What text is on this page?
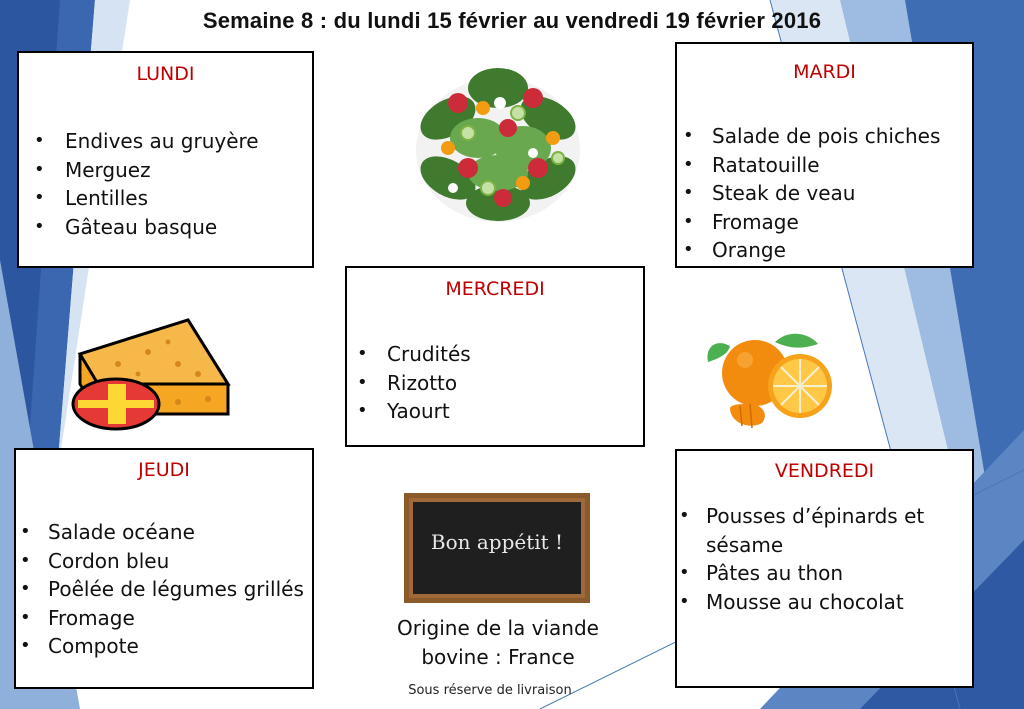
Semaine 8 : du lundi 15 février au vendredi 19 février 2016
LUNDI
• Endives au gruyère
• Merguez
• Lentilles
• Gâteau basque
MARDI
• Salade de pois chiches
• Ratatouille
• Steak de veau
• Fromage
• Orange
MERCREDI
• Crudités
• Rizotto
• Yaourt
JEUDI
• Salade océane
• Cordon bleu
• Poêlée de légumes grillés
• Fromage
• Compote
VENDREDI
• Pousses d’épinards et sésame
• Pâtes au thon
• Mousse au chocolat
Bon appétit !
Origine de la viande
bovine : France
Sous réserve de livraison
